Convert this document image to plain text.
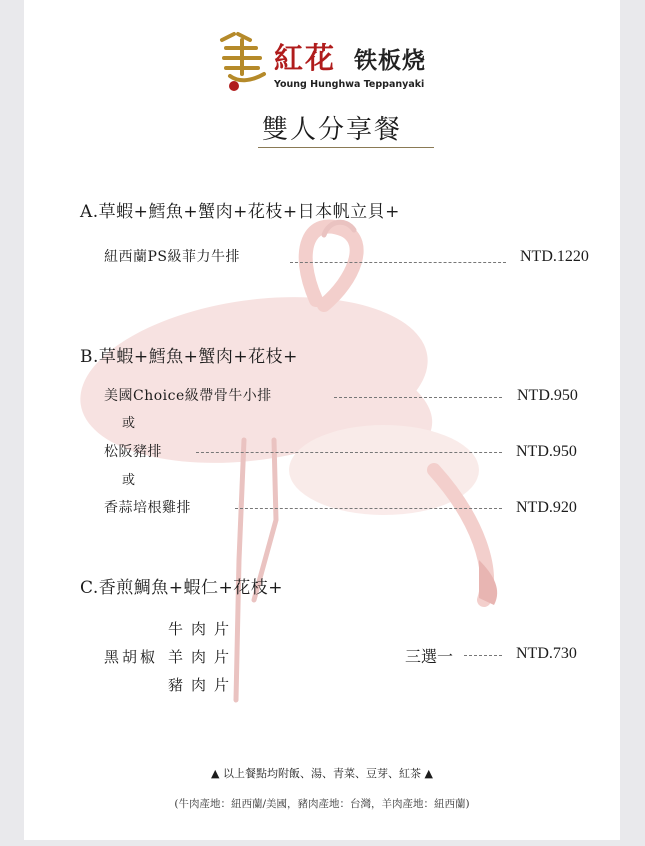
紅花 铁板烧
Young Hunghwa Teppanyaki
雙人分享餐
A.草蝦+鱈魚+蟹肉+花枝+日本帆立貝+
紐西蘭PS級菲力牛排	NTD.1220
B.草蝦+鱈魚+蟹肉+花枝+
美國Choice級帶骨牛小排	NTD.950
或
松阪豬排	NTD.950
或
香蒜培根雞排	NTD.920
C.香煎鯛魚+蝦仁+花枝+
牛肉片
黑胡椒 羊肉片
豬肉片
三選一	NTD.730
▲ 以上餐點均附飯、湯、青菜、豆芽、紅茶 ▲
(牛肉產地：紐西蘭/美國，豬肉產地：台灣，羊肉產地：紐西蘭)
